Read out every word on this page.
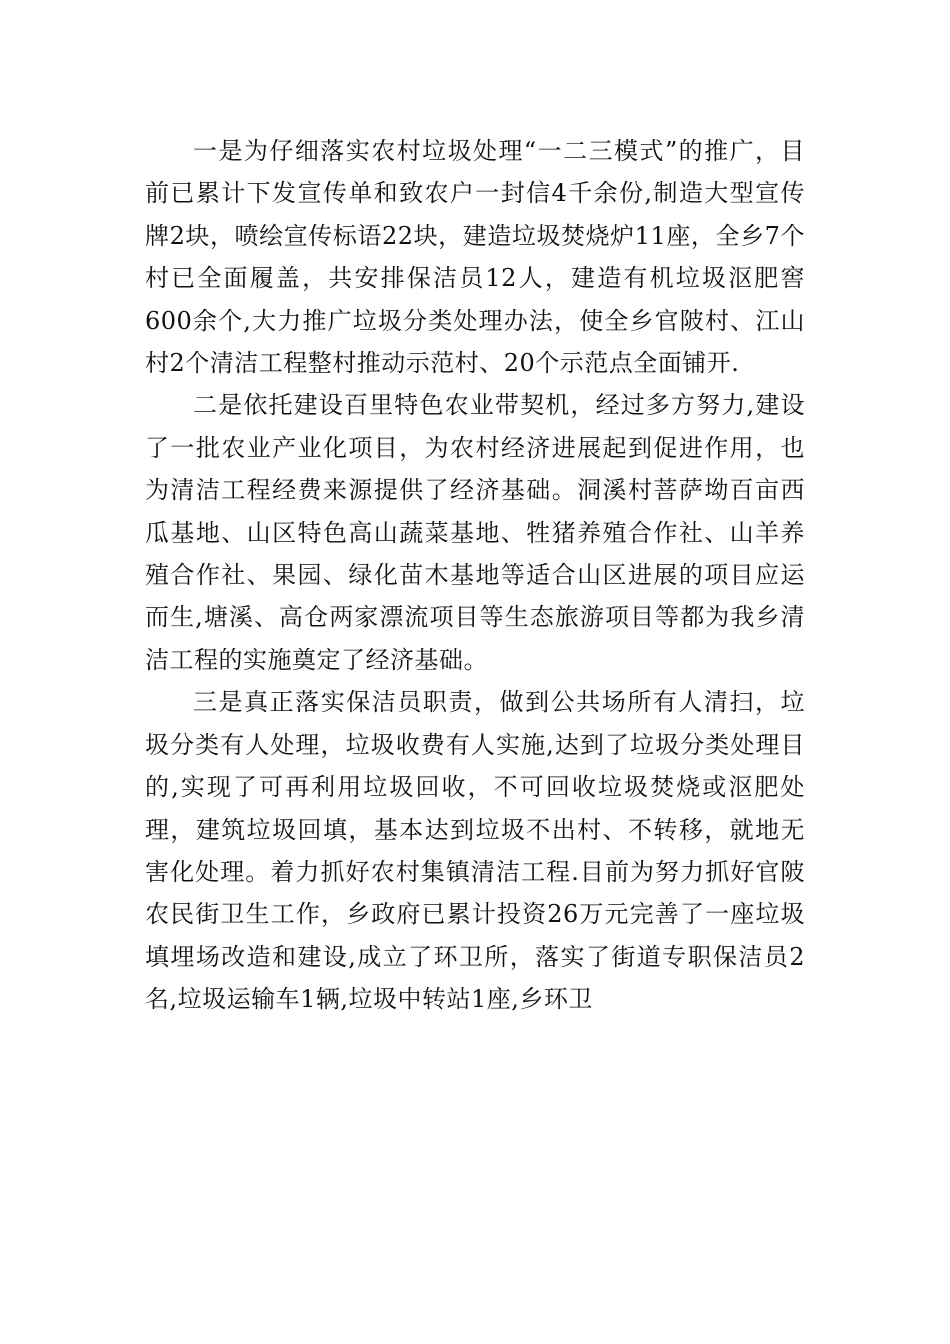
一是为仔细落实农村垃圾处理“一二三模式”的推广，目前已累计下发宣传单和致农户一封信4千余份,制造大型宣传牌2块，喷绘宣传标语22块，建造垃圾焚烧炉11座，全乡7个村已全面履盖，共安排保洁员12人，建造有机垃圾沤肥窖600余个,大力推广垃圾分类处理办法，使全乡官陂村、江山村2个清洁工程整村推动示范村、20个示范点全面铺开.

二是依托建设百里特色农业带契机，经过多方努力,建设了一批农业产业化项目，为农村经济进展起到促进作用，也为清洁工程经费来源提供了经济基础。洞溪村菩萨坳百亩西瓜基地、山区特色高山蔬菜基地、牲猪养殖合作社、山羊养殖合作社、果园、绿化苗木基地等适合山区进展的项目应运而生,塘溪、高仓两家漂流项目等生态旅游项目等都为我乡清洁工程的实施奠定了经济基础。

三是真正落实保洁员职责，做到公共场所有人清扫，垃圾分类有人处理，垃圾收费有人实施,达到了垃圾分类处理目的,实现了可再利用垃圾回收，不可回收垃圾焚烧或沤肥处理，建筑垃圾回填，基本达到垃圾不出村、不转移，就地无害化处理。着力抓好农村集镇清洁工程.目前为努力抓好官陂农民街卫生工作，乡政府已累计投资26万元完善了一座垃圾填埋场改造和建设,成立了环卫所，落实了街道专职保洁员2名,垃圾运输车1辆,垃圾中转站1座,乡环卫
